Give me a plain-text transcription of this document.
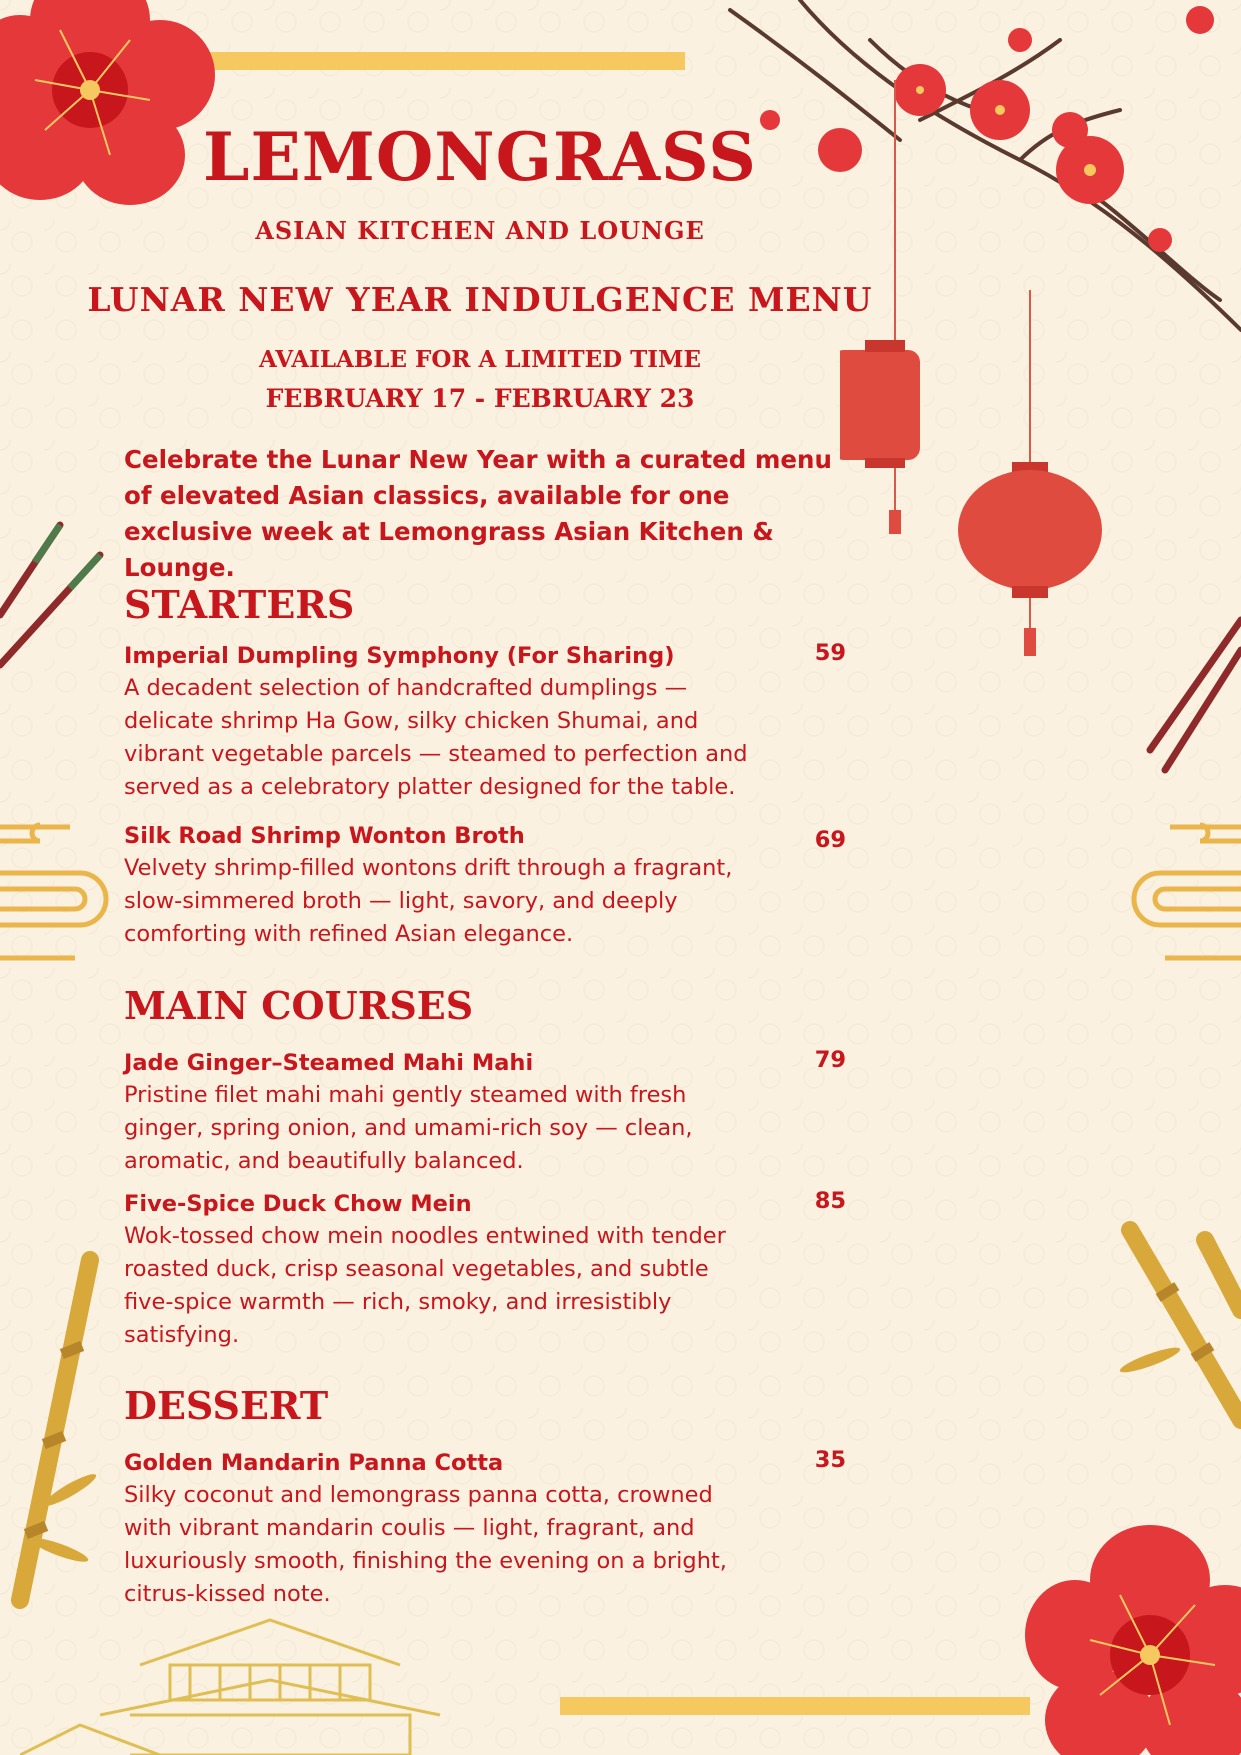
LEMONGRASS
ASIAN KITCHEN AND LOUNGE
LUNAR NEW YEAR INDULGENCE MENU
AVAILABLE FOR A LIMITED TIME
FEBRUARY 17 - FEBRUARY 23
Celebrate the Lunar New Year with a curated menu of elevated Asian classics, available for one exclusive week at Lemongrass Asian Kitchen & Lounge.
STARTERS
Imperial Dumpling Symphony (For Sharing)	59
A decadent selection of handcrafted dumplings — delicate shrimp Ha Gow, silky chicken Shumai, and vibrant vegetable parcels — steamed to perfection and served as a celebratory platter designed for the table.
Silk Road Shrimp Wonton Broth	69
Velvety shrimp-filled wontons drift through a fragrant, slow-simmered broth — light, savory, and deeply comforting with refined Asian elegance.
MAIN COURSES
Jade Ginger–Steamed Mahi Mahi	79
Pristine filet mahi mahi gently steamed with fresh ginger, spring onion, and umami-rich soy — clean, aromatic, and beautifully balanced.
Five-Spice Duck Chow Mein	85
Wok-tossed chow mein noodles entwined with tender roasted duck, crisp seasonal vegetables, and subtle five-spice warmth — rich, smoky, and irresistibly satisfying.
DESSERT
Golden Mandarin Panna Cotta	35
Silky coconut and lemongrass panna cotta, crowned with vibrant mandarin coulis — light, fragrant, and luxuriously smooth, finishing the evening on a bright, citrus-kissed note.
